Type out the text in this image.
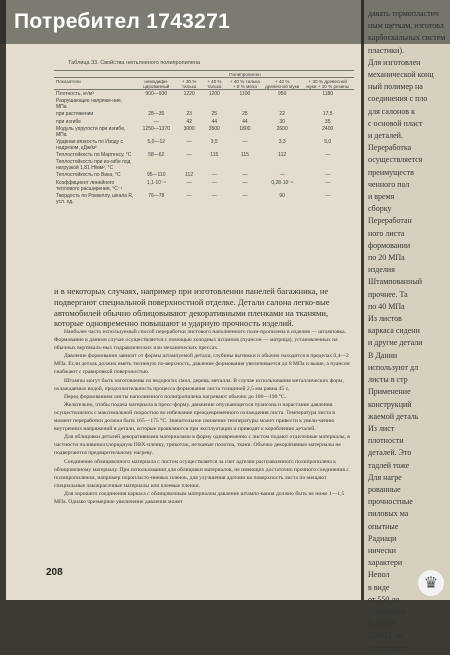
Таблица 33. Свойства непълненого полипропилена
	Полипропилен					
Показатели	немодифи-цированный	+ 30 % талька	+ 40 % талька	+ 40 % талька + 8 % мела	+ 40 % древесной муки	+ 30 % древесной муки + 10 % резины
Плотность, кг/м³	900—930	1220	1200	1100	950	1180
Разрушающее напряже-ние, МПа						
при растяжении	28—35	23	25	25	22	17,5
при изгибе	—	42	44	44	30	35
Модуль упругости при изгибе, МПа	1250—1370	3000	3500	1800	2600	2400
Ударная вязкость по Изоду с надрезом, кДж/м²	5,0—12	—	3,5	—	3,3	5,0
Теплостойкость по Мартенсу, °С	58—62	—	115	115	112	—
Теплостойкость при из-гибе под нагрузкой 1,81 Н/мм², °С						
Теплостойкость по Вика, °С	95—110	112	—	—	—	—
Коэффициент линейного теплового расширения, °С⁻¹	1,1·10⁻⁴	—	—	—	0,28·10⁻⁴	—
Твердость по Роквеллу, шкала R, усл. ед.	76—78	—	—	—	90	—
и в некоторых случаях, например при изготовлении панелей багажника, не подвергают специальной поверхностной отделке. Детали салона легко-вые автомобилей обычно облицовывают декоративными пленками на тканями, которые одновременно повышают и ударную прочность изделий.
Наиболее часто используемый способ переработки листового наполненного поли-пропилена в изделия — штамповка. Формование в данном случае осуществляется с помощью холодных штампов (пуансон — матрица), установленных на обычных вертикаль-ных гидравлических или механических прессах.
Давление формования зависит от формы штампуемой детали, глубины вытяжки и обычно находится в пределах 0,4—2 МПа. Если деталь должна иметь тисненую по-верхность, давление формования увеличивается до 8 МПа и выше, а пуансон снабжают с гравировкой поверхностью.
Штампы могут быть изготовлены из недорогих смол, дерева, металла. В случае использования металлических форм, охлаждаемых водой, продолжительность процесса формования листа толщиной 2,5 мм равна 45 с.
Перед формованием листы наполненного полипропилена нагревают обычно до 180—190 °С.
Желательно, чтобы подача материала в пресс-форму, движение опускающегося пуансона и нарастание давления осуществлялись с максимальной скоростью во избежание преждевременного охлаждения листа. Температура листа в момент переработки должна быть 165—175 °С. Значительное снижение температуры может привести к увели-чению внутренних напряжений в детали, которые проявляются при эксплуатации и приводят к короблению деталей.
Для облицовки деталей декоративными материалами в форму одновременно с листом подают отделочные материалы, в частности поливинилхлоридную ПВХ-пленку, трикотаж, нетканые полотна, ткани. Обычно декоративные материалы не подвергаются предварительному нагреву.
Соединение облицовочного материала с листом осуществляется за счет адгезии расплавленного полипропилена к облицовочному материалу. При использовании для облицовки материалов, не имеющих достаточно прочного соединения с полипропиленом, например поропласто-ниевых пленок, для улучшения адгезии на поверхность листа по-мещают специальные лакокрасочные материалы или клеевые пленки.
Для хорошего соединения каркаса с облицовочным материалом давление штампо-вания должно быть не ниже 1—1,5 МПа. Однако чрезмерное увеличение давления может
208
пластики).
Для изготовлен
механической конц
ный полимер на
соединения с пло
для салонов к
с основой пласт
и деталей.
Переработка
осуществляется
преимуществ
ченного пол
и время
сборку
Переработан
ного листа
формовании
по 20 МПа
изделия
Штампованный
прочнее. Та
по 40 МПа
Из листов
каркаса сидени
и другие детали
В Дании
используют дл
листы в стр
Применение
конструкций
жаемой деталь
Из лист
плотности
деталей. Это
тадлей тоже
Для нагре
рованные
прочностные
пиловых ма
опытные
Радиаци
нически
характери
Непол
в виде
от 550 до
и поверхно
В СССР
ПЭНП, по
изготовляют
Потребител 1743271
♛
